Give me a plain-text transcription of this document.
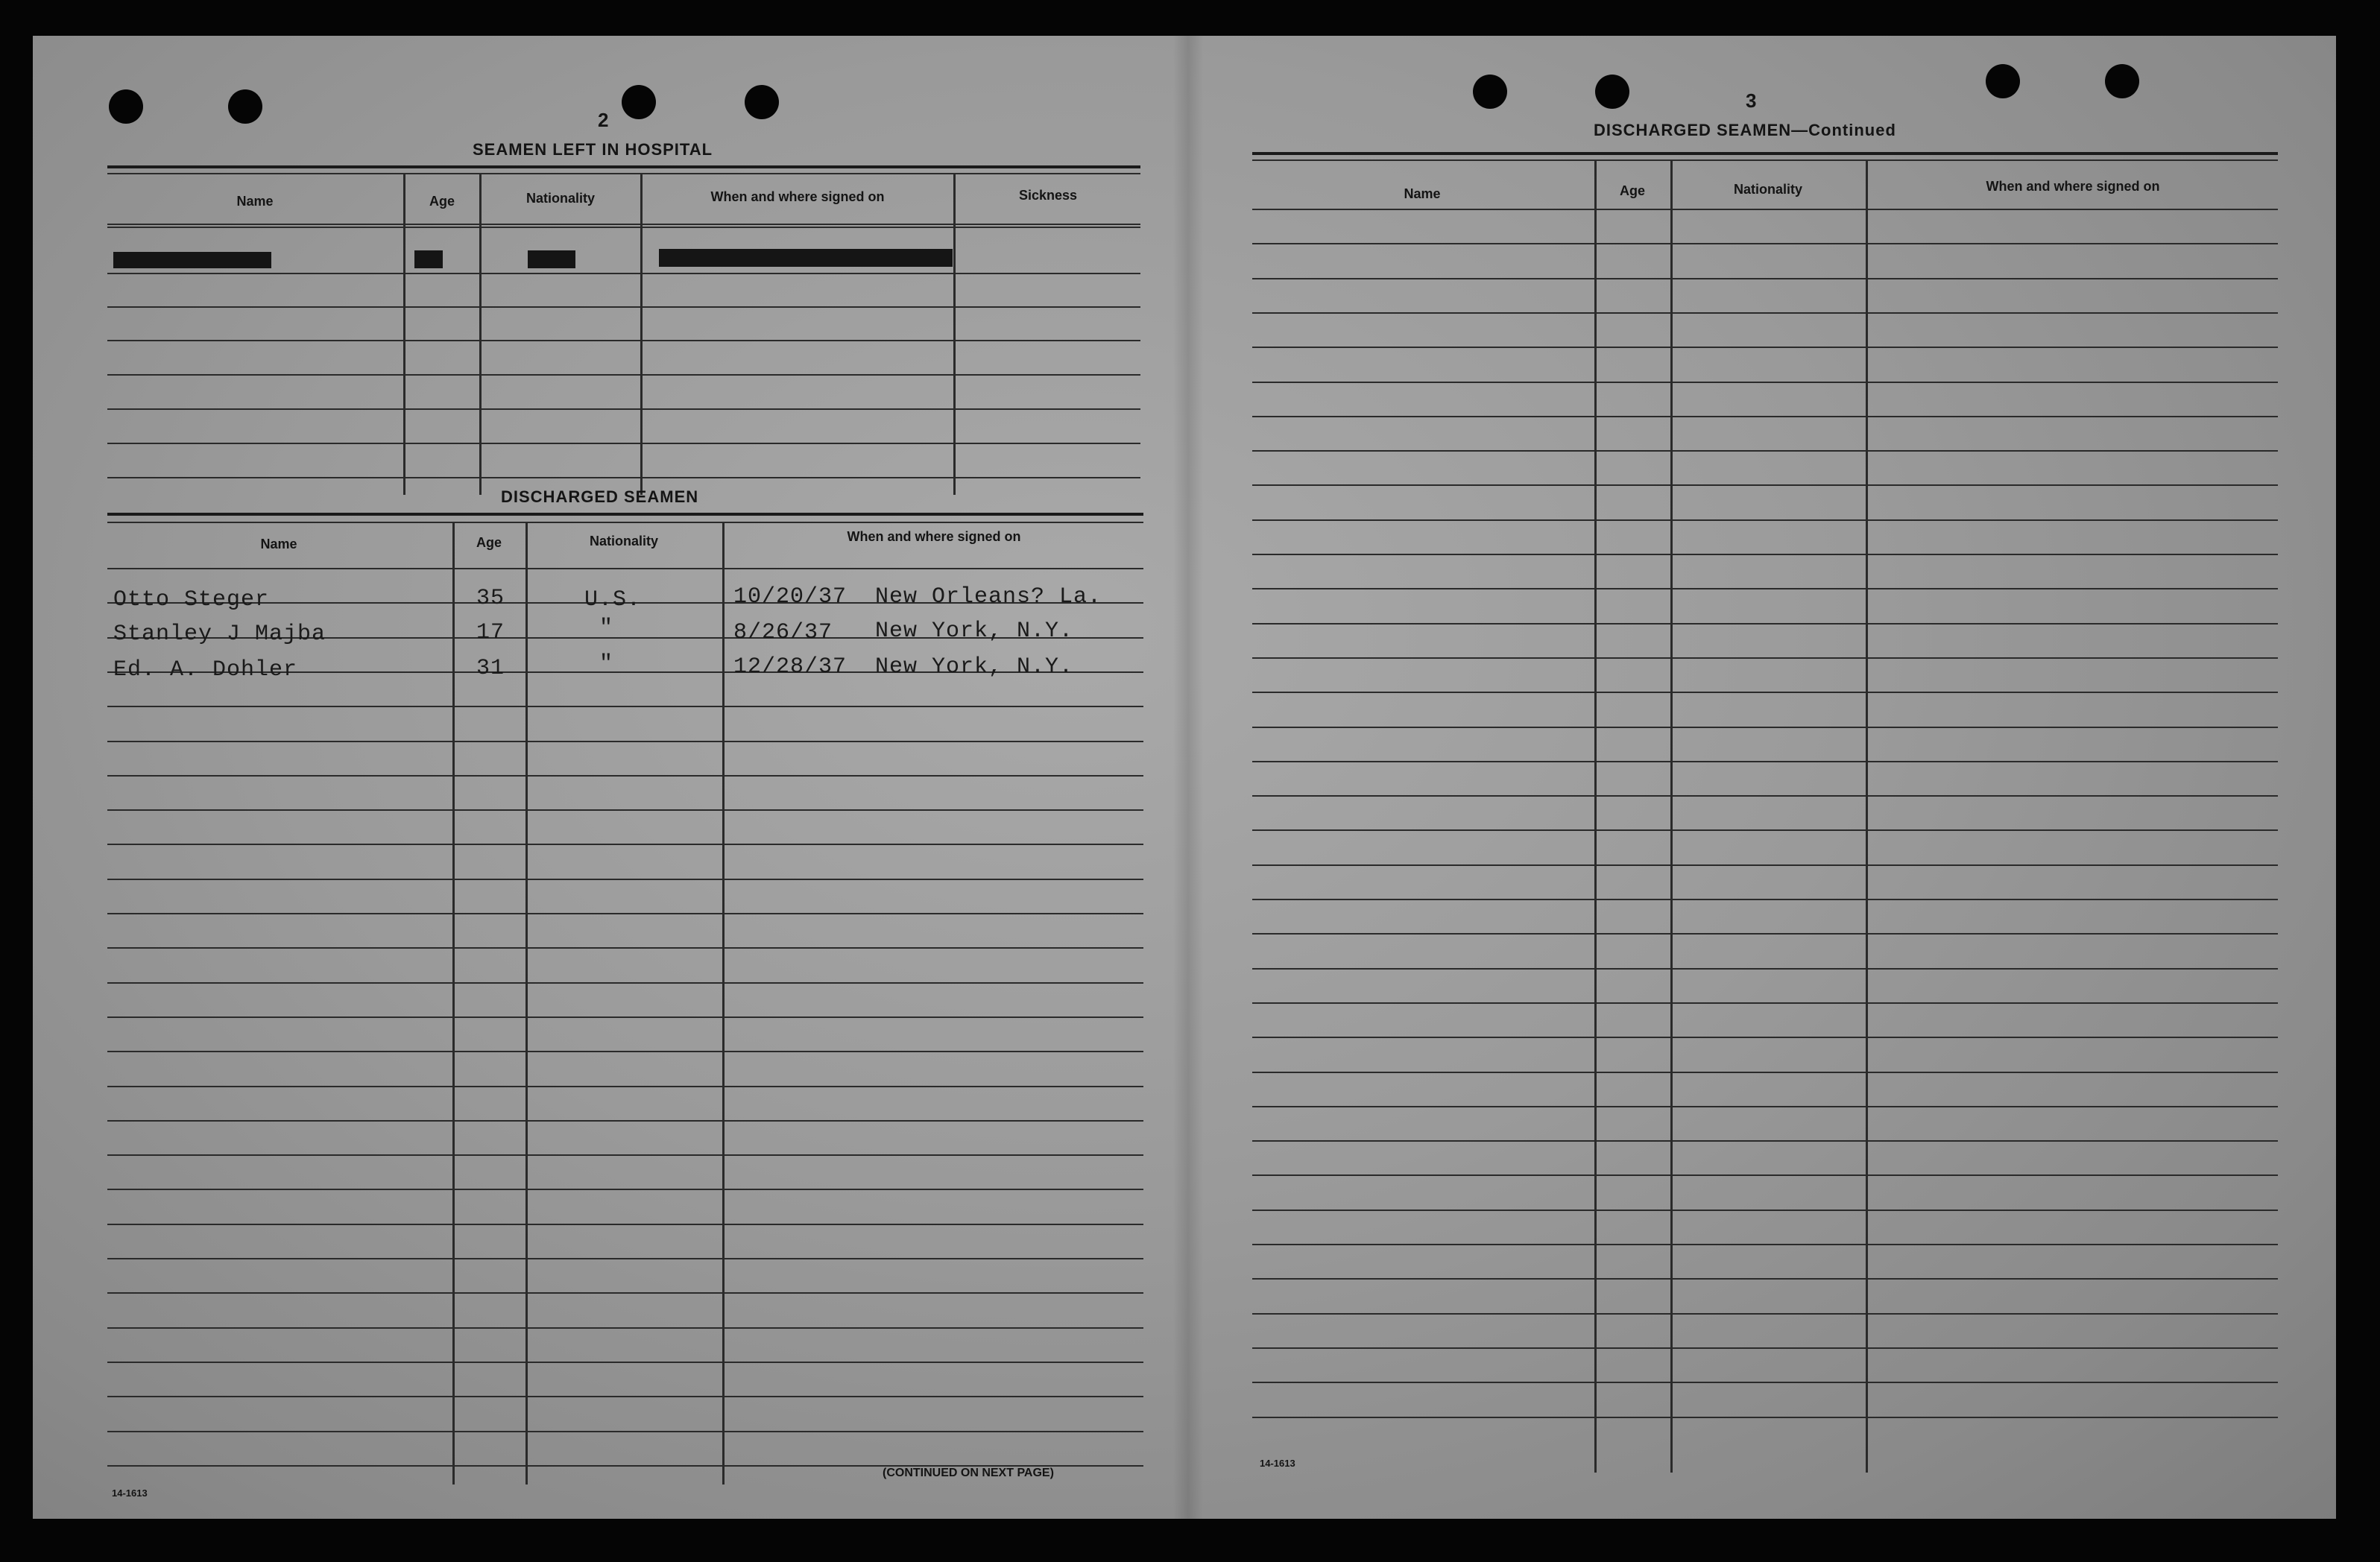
2
SEAMEN LEFT IN HOSPITAL
Name	Age	Nationality	When and where signed on	Sickness
DISCHARGED SEAMEN
Name	Age	Nationality	When and where signed on
Otto Steger	35	U.S.	10/20/37 New Orleans? La.
Stanley J Majba	17	"	8/26/37 New York, N.Y.
Ed. A. Dohler	31	"	12/28/37 New York, N.Y.
14-1613
(CONTINUED ON NEXT PAGE)
3
DISCHARGED SEAMEN—Continued
Name	Age	Nationality	When and where signed on
14-1613
